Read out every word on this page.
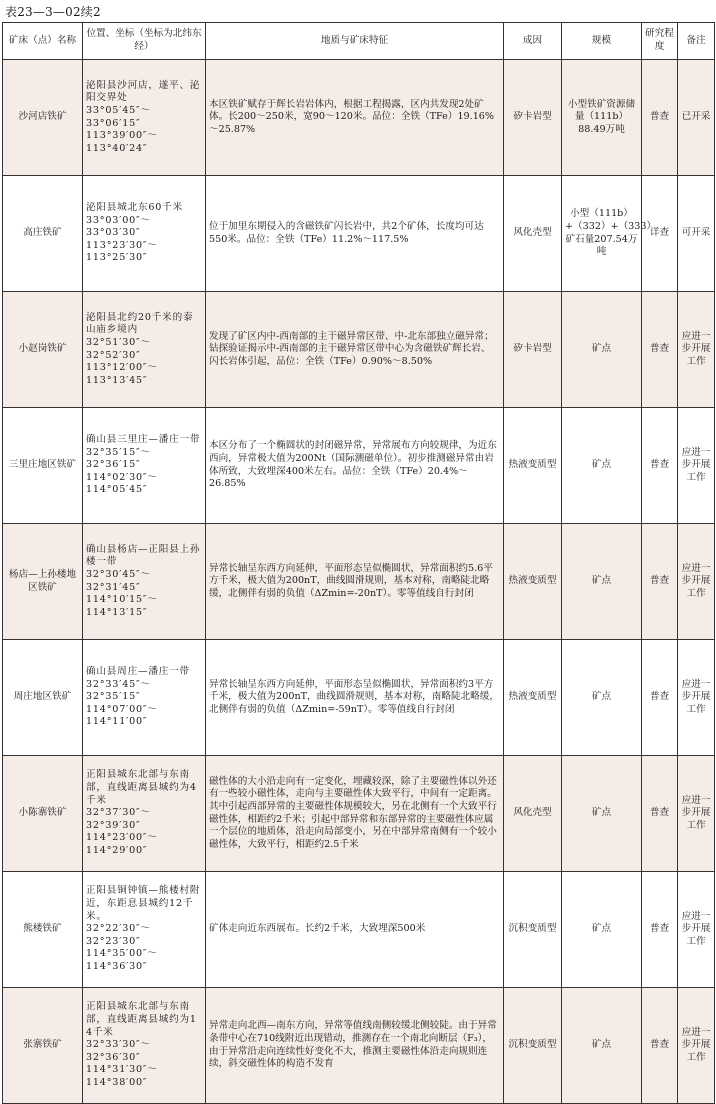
表23—3—02续2
矿床（点）名称	位置、坐标（坐标为北纬东经）	地质与矿床特征	成因	规模	研究程度	备注
沙河店铁矿	泌阳县沙河店，遂平、泌阳交界处
33°05′45″～
33°06′15″
113°39′00″～
113°40′24″	本区铁矿赋存于辉长岩岩体内，根据工程揭露，区内共发现2处矿体。长200～250米，宽90～120米。品位：全铁（TFe）19.16%～25.87%	矽卡岩型	小型铁矿资源储量（111b）88.49万吨	普查	已开采
高庄铁矿	泌阳县城北东60千米
33°03′00″～
33°03′30″
113°23′30″～
113°25′30″	位于加里东期侵入的含磁铁矿闪长岩中，共2个矿体，长度均可达550米。品位：全铁（TFe）11.2%～117.5%	风化壳型	小型（111b）+（332）+（333）矿石量207.54万吨	详查	可开采
小赵岗铁矿	泌阳县北约20千米的泰山庙乡境内
32°51′30″～
32°52′30″
113°12′00″～
113°13′45″	发现了矿区内中-西南部的主干磁异常区带、中-北东部独立磁异常；钻探验证揭示中-西南部的主干磁异常区带中心为含磁铁矿辉长岩、闪长岩体引起，品位：全铁（TFe）0.90%～8.50%	矽卡岩型	矿点	普查	应进一步开展工作
三里庄地区铁矿	确山县三里庄—潘庄一带
32°35′15″～
32°36′15″
114°02′30″～
114°05′45″	本区分布了一个椭圆状的封闭磁异常，异常展布方向较规律，为近东西向，异常极大值为200Nt（国际测磁单位）。初步推测磁异常由岩体所致，大致埋深400米左右。品位：全铁（TFe）20.4%～26.85%	热液变质型	矿点	普查	应进一步开展工作
杨店—上孙楼地区铁矿	确山县杨店—正阳县上孙楼一带
32°30′45″～
32°31′45″
114°10′15″～
114°13′15″	异常长轴呈东西方向延伸，平面形态呈似椭圆状，异常面积约5.6平方千米，极大值为200nT，曲线圆滑规则，基本对称，南略陡北略缓，北侧伴有弱的负值（ΔZmin=-20nT）。零等值线自行封闭	热液变质型	矿点	普查	应进一步开展工作
周庄地区铁矿	确山县周庄—潘庄一带
32°33′45″～
32°35′15″
114°07′00″～
114°11′00″	异常长轴呈东西方向延伸，平面形态呈似椭圆状，异常面积约3平方千米，极大值为200nT，曲线圆滑规则，基本对称，南略陡北略缓，北侧伴有弱的负值（ΔZmin=-59nT）。零等值线自行封闭	热液变质型	矿点	普查	应进一步开展工作
小陈寨铁矿	正阳县城东北部与东南部，直线距离县城约为4千米
32°37′30″～
32°39′30″
114°23′00″～
114°29′00″	磁性体的大小沿走向有一定变化，埋藏较深，除了主要磁性体以外还有一些较小磁性体，走向与主要磁性体大致平行，中间有一定距离。其中引起西部异常的主要磁性体规模较大，另在北侧有一个大致平行磁性体，相距约2千米；引起中部异常和东部异常的主要磁性体应属一个层位的地质体，沿走向局部变小，另在中部异常南侧有一个较小磁性体，大致平行，相距约2.5千米	风化壳型	矿点	普查	应进一步开展工作
熊楼铁矿	正阳县铜钟镇—熊楼村附近，东距息县城约12千米。
32°22′30″～
32°23′30″
114°35′00″～
114°36′30″	矿体走向近东西展布。长约2千米，大致埋深500米	沉积变质型	矿点	普查	应进一步开展工作
张寨铁矿	正阳县城东北部与东南部，直线距离县城约为14千米
32°33′30″～
32°36′30″
114°31′30″～
114°38′00″	异常走向北西—南东方向，异常等值线南侧较缓北侧较陡。由于异常条带中心在710线附近出现错动，推测存在一个南北向断层（F₃），由于异常沿走向连续性好变化不大，推测主要磁性体沿走向规则连续，斜交磁性体的构造不发育	沉积变质型	矿点	普查	应进一步开展工作
